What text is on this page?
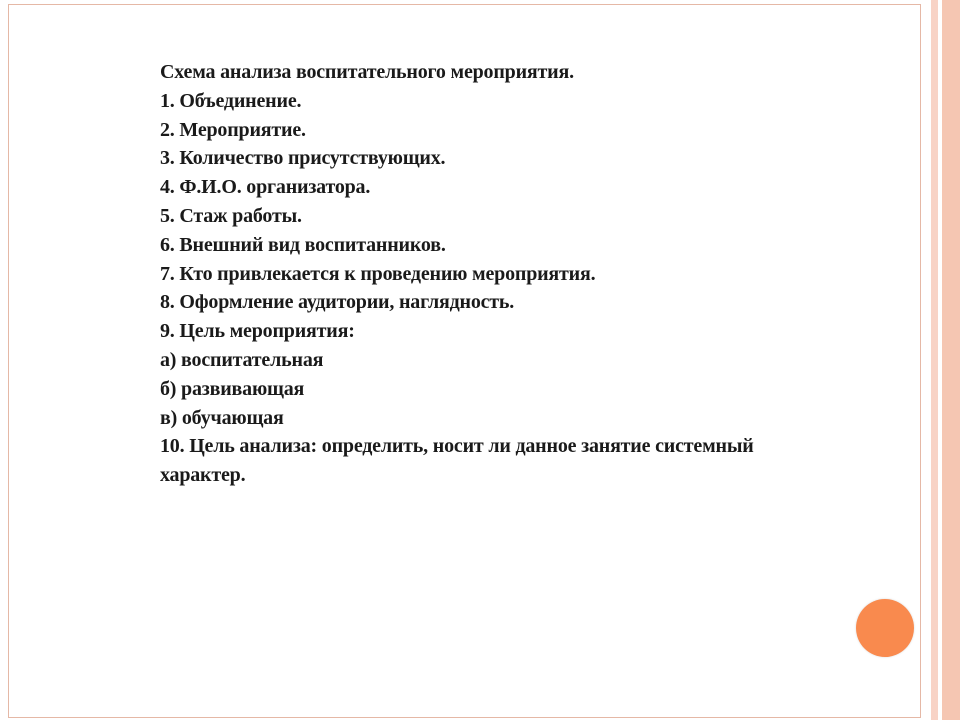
Схема анализа воспитательного мероприятия.
1. Объединение.
2. Мероприятие.
3. Количество присутствующих.
4. Ф.И.О. организатора.
5. Стаж работы.
6. Внешний вид воспитанников.
7. Кто привлекается к проведению мероприятия.
8. Оформление аудитории, наглядность.
9. Цель мероприятия:
а) воспитательная
б) развивающая
в) обучающая
10. Цель анализа: определить, носит ли данное занятие системный характер.
